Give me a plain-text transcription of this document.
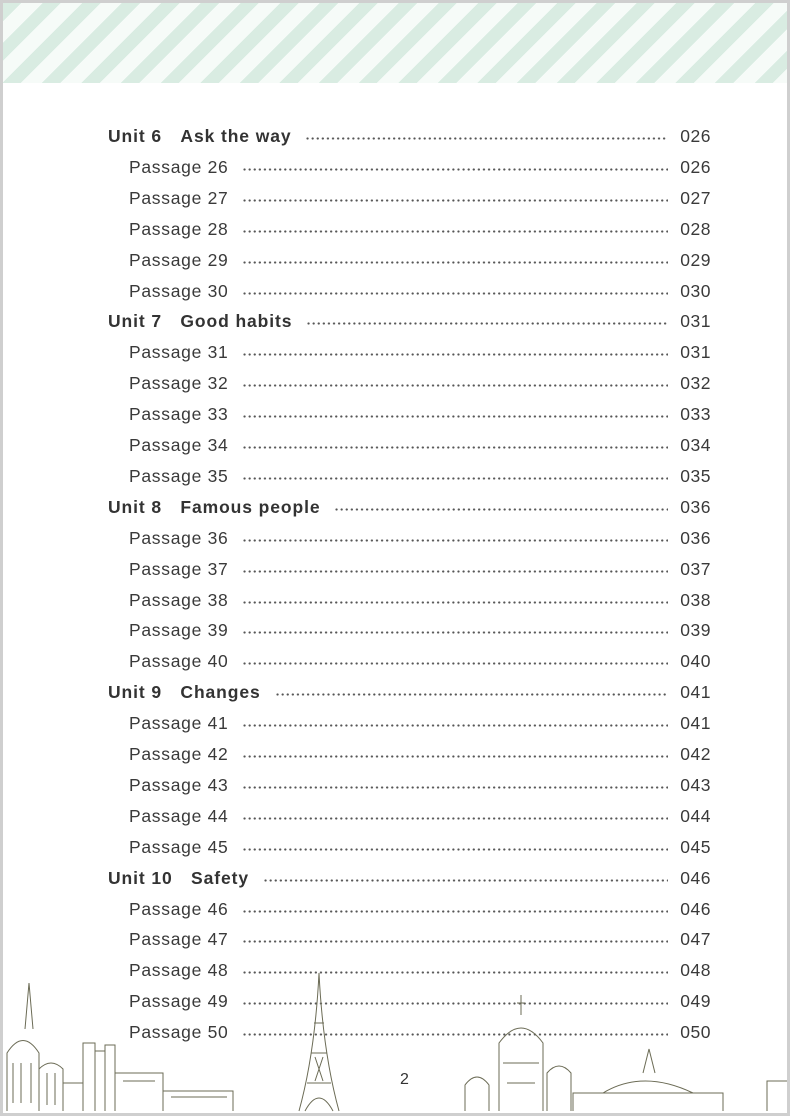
Unit 6 Ask the way	026
Passage 26	026
Passage 27	027
Passage 28	028
Passage 29	029
Passage 30	030
Unit 7 Good habits	031
Passage 31	031
Passage 32	032
Passage 33	033
Passage 34	034
Passage 35	035
Unit 8 Famous people	036
Passage 36	036
Passage 37	037
Passage 38	038
Passage 39	039
Passage 40	040
Unit 9 Changes	041
Passage 41	041
Passage 42	042
Passage 43	043
Passage 44	044
Passage 45	045
Unit 10 Safety	046
Passage 46	046
Passage 47	047
Passage 48	048
Passage 49	049
Passage 50	050
2
